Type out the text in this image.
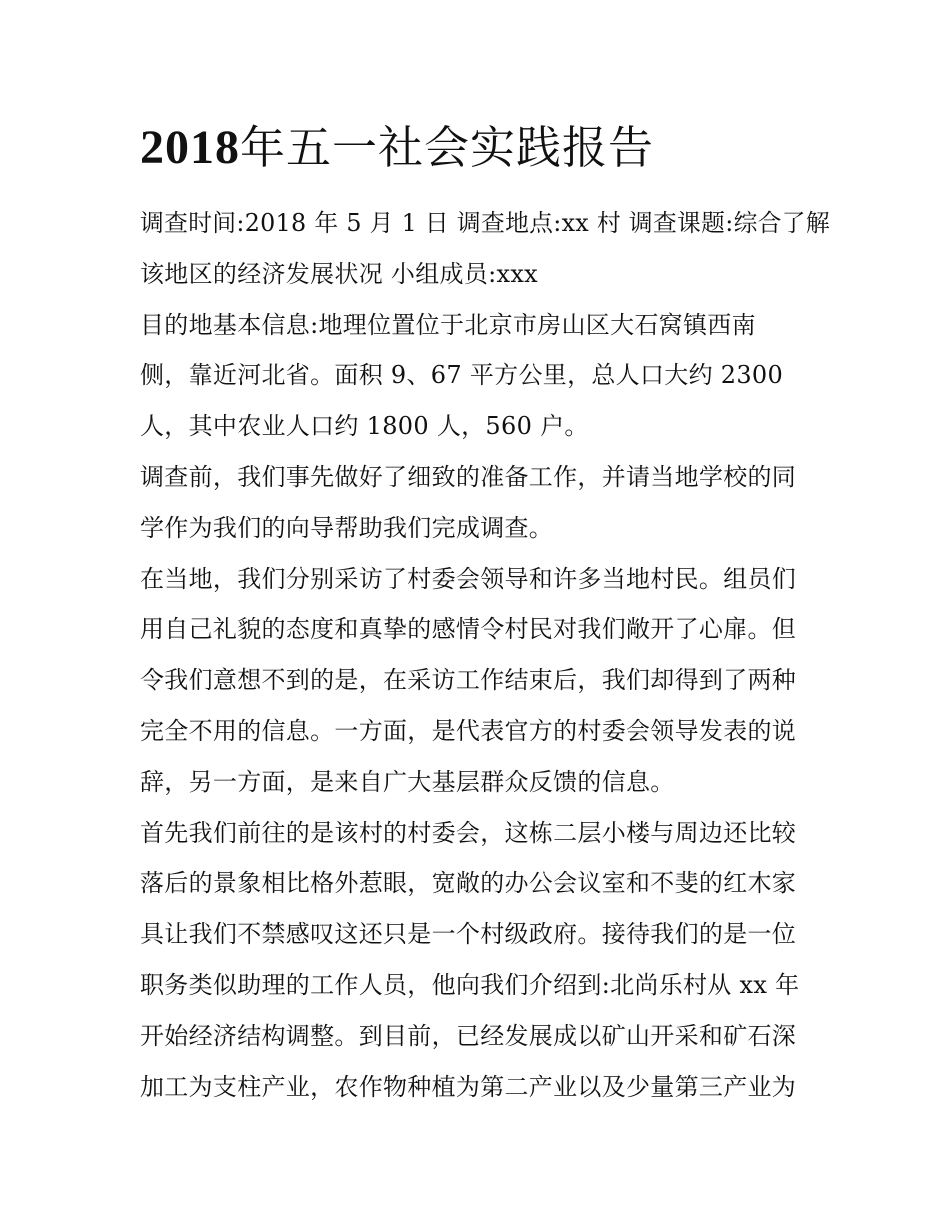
2018年五一社会实践报告
调查时间:2018 年 5 月 1 日 调查地点:xx 村 调查课题:综合了解
该地区的经济发展状况 小组成员:xxx
目的地基本信息:地理位置位于北京市房山区大石窝镇西南
侧，靠近河北省。面积 9、67 平方公里，总人口大约 2300
人，其中农业人口约 1800 人，560 户。
调查前，我们事先做好了细致的准备工作，并请当地学校的同
学作为我们的向导帮助我们完成调查。
在当地，我们分别采访了村委会领导和许多当地村民。组员们
用自己礼貌的态度和真挚的感情令村民对我们敞开了心扉。但
令我们意想不到的是，在采访工作结束后，我们却得到了两种
完全不用的信息。一方面，是代表官方的村委会领导发表的说
辞，另一方面，是来自广大基层群众反馈的信息。
首先我们前往的是该村的村委会，这栋二层小楼与周边还比较
落后的景象相比格外惹眼，宽敞的办公会议室和不斐的红木家
具让我们不禁感叹这还只是一个村级政府。接待我们的是一位
职务类似助理的工作人员，他向我们介绍到:北尚乐村从 xx 年
开始经济结构调整。到目前，已经发展成以矿山开采和矿石深
加工为支柱产业，农作物种植为第二产业以及少量第三产业为
